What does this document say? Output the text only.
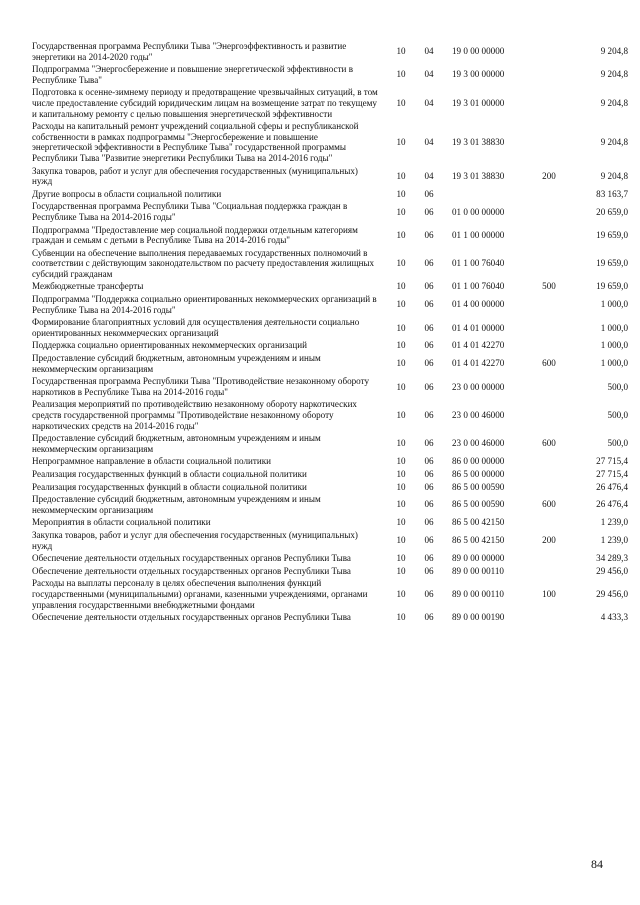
Государственная программа Республики Тыва "Энергоэффективность и развитие энергетики на 2014-2020 годы"	10	04	19 0 00 00000		9 204,8
Подпрограмма "Энергосбережение и повышение энергетической эффективности в Республике Тыва"	10	04	19 3 00 00000		9 204,8
Подготовка к осенне-зимнему периоду и предотвращение чрезвычайных ситуаций, в том числе предоставление субсидий юридическим лицам на возмещение затрат по текущему и капитальному ремонту с целью повышения энергетической эффективности	10	04	19 3 01 00000		9 204,8
Расходы на капитальный ремонт учреждений социальной сферы и республиканской собственности в рамках подпрограммы "Энергосбережение и повышение энергетической эффективности в Республике Тыва" государственной программы Республики Тыва "Развитие энергетики Республики Тыва на 2014-2016 годы"	10	04	19 3 01 38830		9 204,8
Закупка товаров, работ и услуг для обеспечения государственных (муниципальных) нужд	10	04	19 3 01 38830	200	9 204,8
Другие вопросы в области социальной политики	10	06			83 163,7
Государственная программа Республики Тыва "Социальная поддержка граждан в Республике Тыва на 2014-2016 годы"	10	06	01 0 00 00000		20 659,0
Подпрограмма "Предоставление мер социальной поддержки отдельным категориям граждан и семьям с детьми в Республике Тыва на 2014-2016 годы"	10	06	01 1 00 00000		19 659,0
Субвенции на обеспечение выполнения передаваемых государственных полномочий в соответствии с действующим законодательством по расчету предоставления жилищных субсидий гражданам	10	06	01 1 00 76040		19 659,0
Межбюджетные трансферты	10	06	01 1 00 76040	500	19 659,0
Подпрограмма "Поддержка социально ориентированных некоммерческих организаций в Республике Тыва на 2014-2016 годы"	10	06	01 4 00 00000		1 000,0
Формирование благоприятных условий для осуществления деятельности социально ориентированных некоммерческих организаций	10	06	01 4 01 00000		1 000,0
Поддержка социально ориентированных некоммерческих организаций	10	06	01 4 01 42270		1 000,0
Предоставление субсидий бюджетным, автономным учреждениям и иным некоммерческим организациям	10	06	01 4 01 42270	600	1 000,0
Государственная программа Республики Тыва "Противодействие незаконному обороту наркотиков в Республике Тыва на 2014-2016 годы"	10	06	23 0 00 00000		500,0
Реализация мероприятий по противодействию незаконному обороту наркотических средств государственной программы "Противодействие незаконному обороту наркотических средств на 2014-2016 годы"	10	06	23 0 00 46000		500,0
Предоставление субсидий бюджетным, автономным учреждениям и иным некоммерческим организациям	10	06	23 0 00 46000	600	500,0
Непрограммное направление в области социальной политики	10	06	86 0 00 00000		27 715,4
Реализация государственных функций в области социальной политики	10	06	86 5 00 00000		27 715,4
Реализация государственных функций в области социальной политики	10	06	86 5 00 00590		26 476,4
Предоставление субсидий бюджетным, автономным учреждениям и иным некоммерческим организациям	10	06	86 5 00 00590	600	26 476,4
Мероприятия в области социальной политики	10	06	86 5 00 42150		1 239,0
Закупка товаров, работ и услуг для обеспечения государственных (муниципальных) нужд	10	06	86 5 00 42150	200	1 239,0
Обеспечение деятельности отдельных государственных органов Республики Тыва	10	06	89 0 00 00000		34 289,3
Обеспечение деятельности отдельных государственных органов Республики Тыва	10	06	89 0 00 00110		29 456,0
Расходы на выплаты персоналу в целях обеспечения выполнения функций государственными (муниципальными) органами, казенными учреждениями, органами управления государственными внебюджетными фондами	10	06	89 0 00 00110	100	29 456,0
Обеспечение деятельности отдельных государственных органов Республики Тыва	10	06	89 0 00 00190		4 433,3
84
